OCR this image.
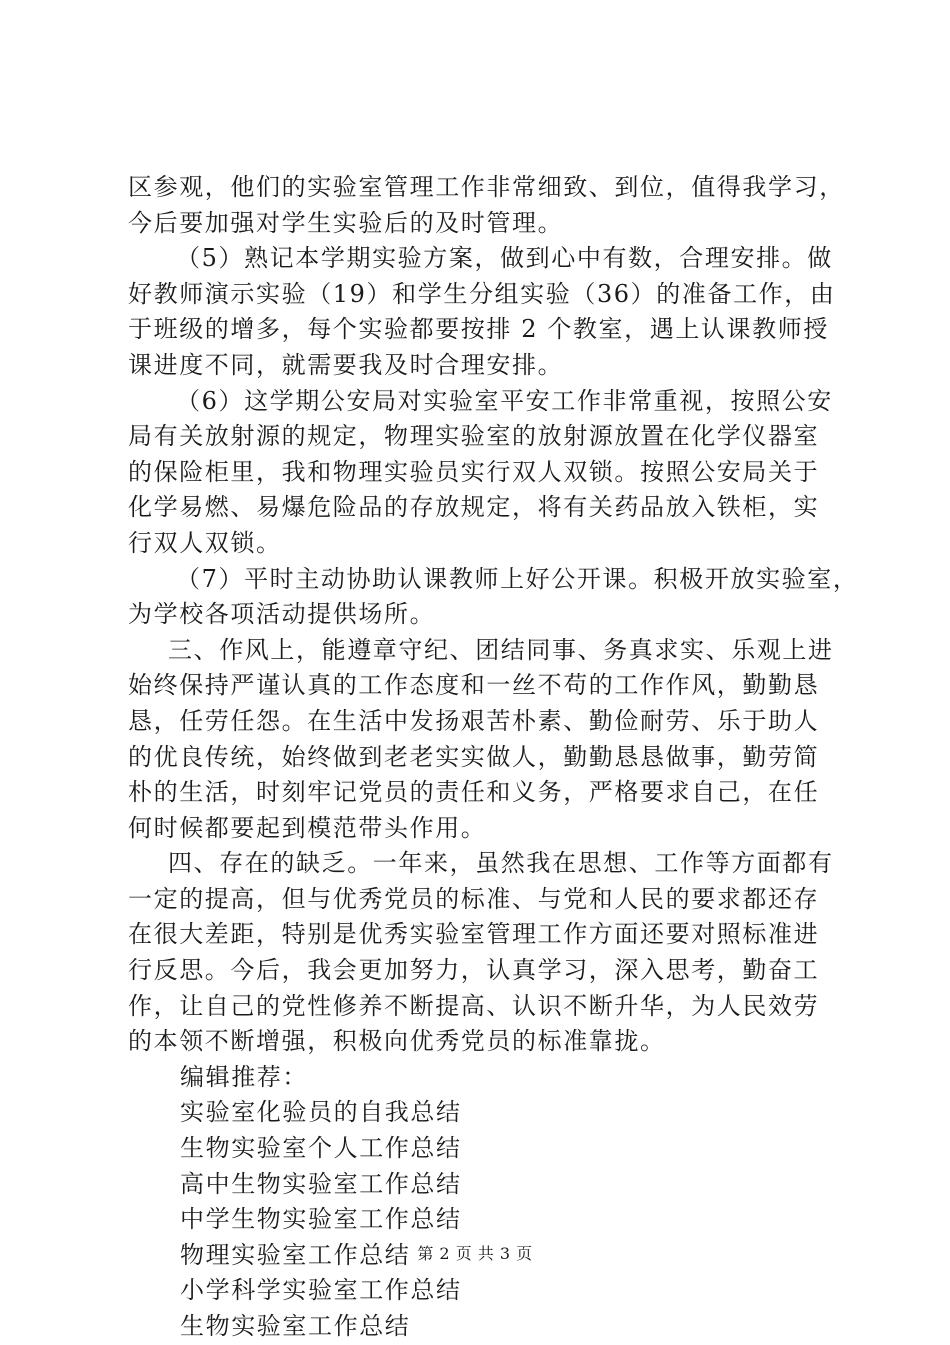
区参观，他们的实验室管理工作非常细致、到位，值得我学习，
今后要加强对学生实验后的及时管理。
（5）熟记本学期实验方案，做到心中有数，合理安排。做
好教师演示实验（19）和学生分组实验（36）的准备工作，由
于班级的增多，每个实验都要按排 2 个教室，遇上认课教师授
课进度不同，就需要我及时合理安排。
（6）这学期公安局对实验室平安工作非常重视，按照公安
局有关放射源的规定，物理实验室的放射源放置在化学仪器室
的保险柜里，我和物理实验员实行双人双锁。按照公安局关于
化学易燃、易爆危险品的存放规定，将有关药品放入铁柜，实
行双人双锁。
（7）平时主动协助认课教师上好公开课。积极开放实验室，
为学校各项活动提供场所。
三、作风上，能遵章守纪、团结同事、务真求实、乐观上进
始终保持严谨认真的工作态度和一丝不苟的工作作风，勤勤恳
恳，任劳任怨。在生活中发扬艰苦朴素、勤俭耐劳、乐于助人
的优良传统，始终做到老老实实做人，勤勤恳恳做事，勤劳简
朴的生活，时刻牢记党员的责任和义务，严格要求自己，在任
何时候都要起到模范带头作用。
四、存在的缺乏。一年来，虽然我在思想、工作等方面都有
一定的提高，但与优秀党员的标准、与党和人民的要求都还存
在很大差距，特别是优秀实验室管理工作方面还要对照标准进
行反思。今后，我会更加努力，认真学习，深入思考，勤奋工
作，让自己的党性修养不断提高、认识不断升华，为人民效劳
的本领不断增强，积极向优秀党员的标准靠拢。
编辑推荐：
实验室化验员的自我总结
生物实验室个人工作总结
高中生物实验室工作总结
中学生物实验室工作总结
物理实验室工作总结
小学科学实验室工作总结
生物实验室工作总结
第 2 页 共 3 页
